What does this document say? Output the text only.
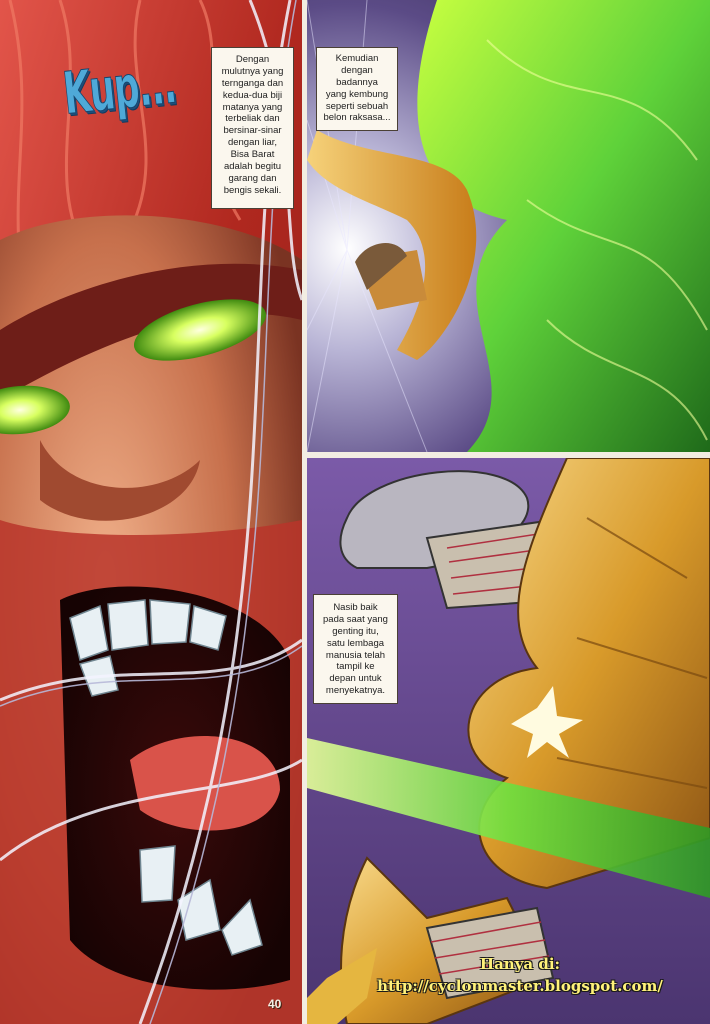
Kup...	Dengan
mulutnya yang
ternganga dan
kedua-dua biji
matanya yang
terbeliak dan
bersinar-sinar
dengan liar,
Bisa Barat
adalah begitu
garang dan
bengis sekali.
Kemudian
dengan
badannya
yang kembung
seperti sebuah
belon raksasa...
Nasib baik
pada saat yang
genting itu,
satu lembaga
manusia telah
tampil ke
depan untuk
menyekatnya.
40
Hanya di:
http://cyclonmaster.blogspot.com/
